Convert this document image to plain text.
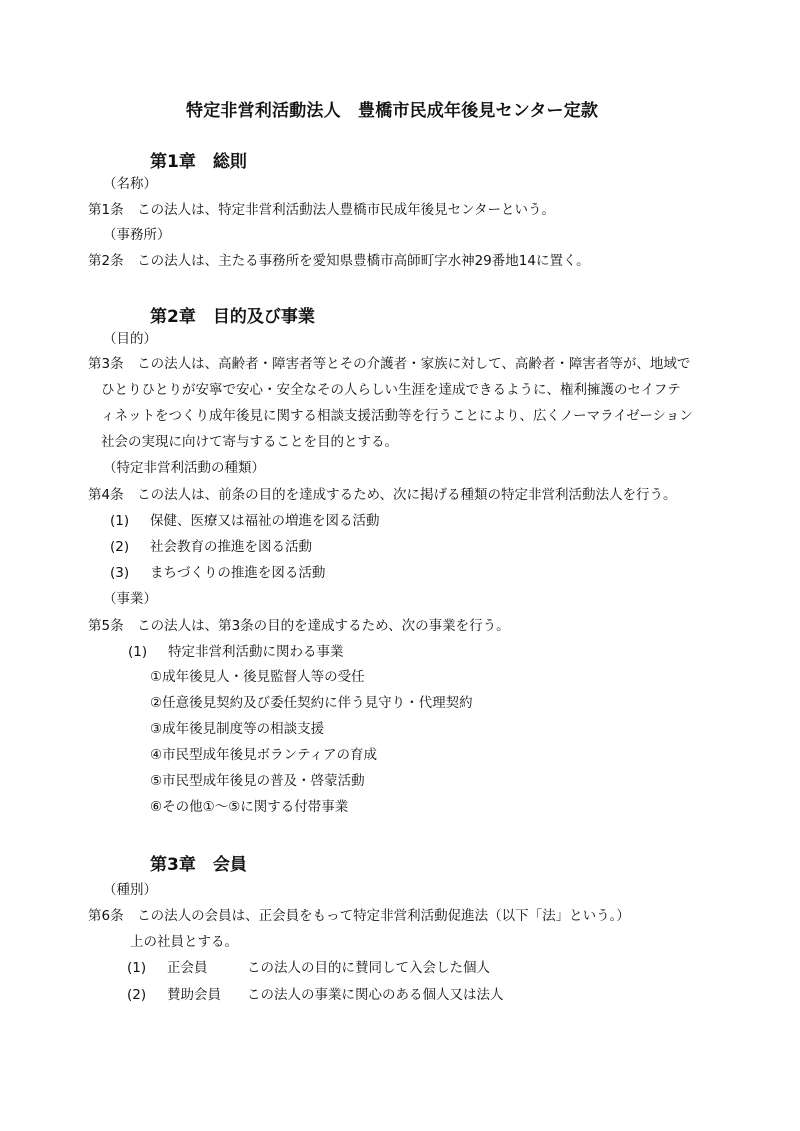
特定非営利活動法人　豊橋市民成年後見センター定款
第1章　総則
（名称）
第1条　この法人は、特定非営利活動法人豊橋市民成年後見センターという。
（事務所）
第2条　この法人は、主たる事務所を愛知県豊橋市高師町字水神29番地14に置く。
第2章　目的及び事業
（目的）
第3条　この法人は、高齢者・障害者等とその介護者・家族に対して、高齢者・障害者等が、地域で
ひとりひとりが安寧で安心・安全なその人らしい生涯を達成できるように、権利擁護のセイフテ
ィネットをつくり成年後見に関する相談支援活動等を行うことにより、広くノーマライゼーション
社会の実現に向けて寄与することを目的とする。
（特定非営利活動の種類）
第4条　この法人は、前条の目的を達成するため、次に掲げる種類の特定非営利活動法人を行う。
(1) 保健、医療又は福祉の増進を図る活動
(2) 社会教育の推進を図る活動
(3) まちづくりの推進を図る活動
（事業）
第5条　この法人は、第3条の目的を達成するため、次の事業を行う。
(1) 特定非営利活動に関わる事業
①成年後見人・後見監督人等の受任
②任意後見契約及び委任契約に伴う見守り・代理契約
③成年後見制度等の相談支援
④市民型成年後見ボランティアの育成
⑤市民型成年後見の普及・啓蒙活動
⑥その他①～⑤に関する付帯事業
第3章　会員
（種別）
第6条　この法人の会員は、正会員をもって特定非営利活動促進法（以下「法」という。）
上の社員とする。
(1) 正会員	この法人の目的に賛同して入会した個人
(2) 賛助会員 この法人の事業に関心のある個人又は法人
